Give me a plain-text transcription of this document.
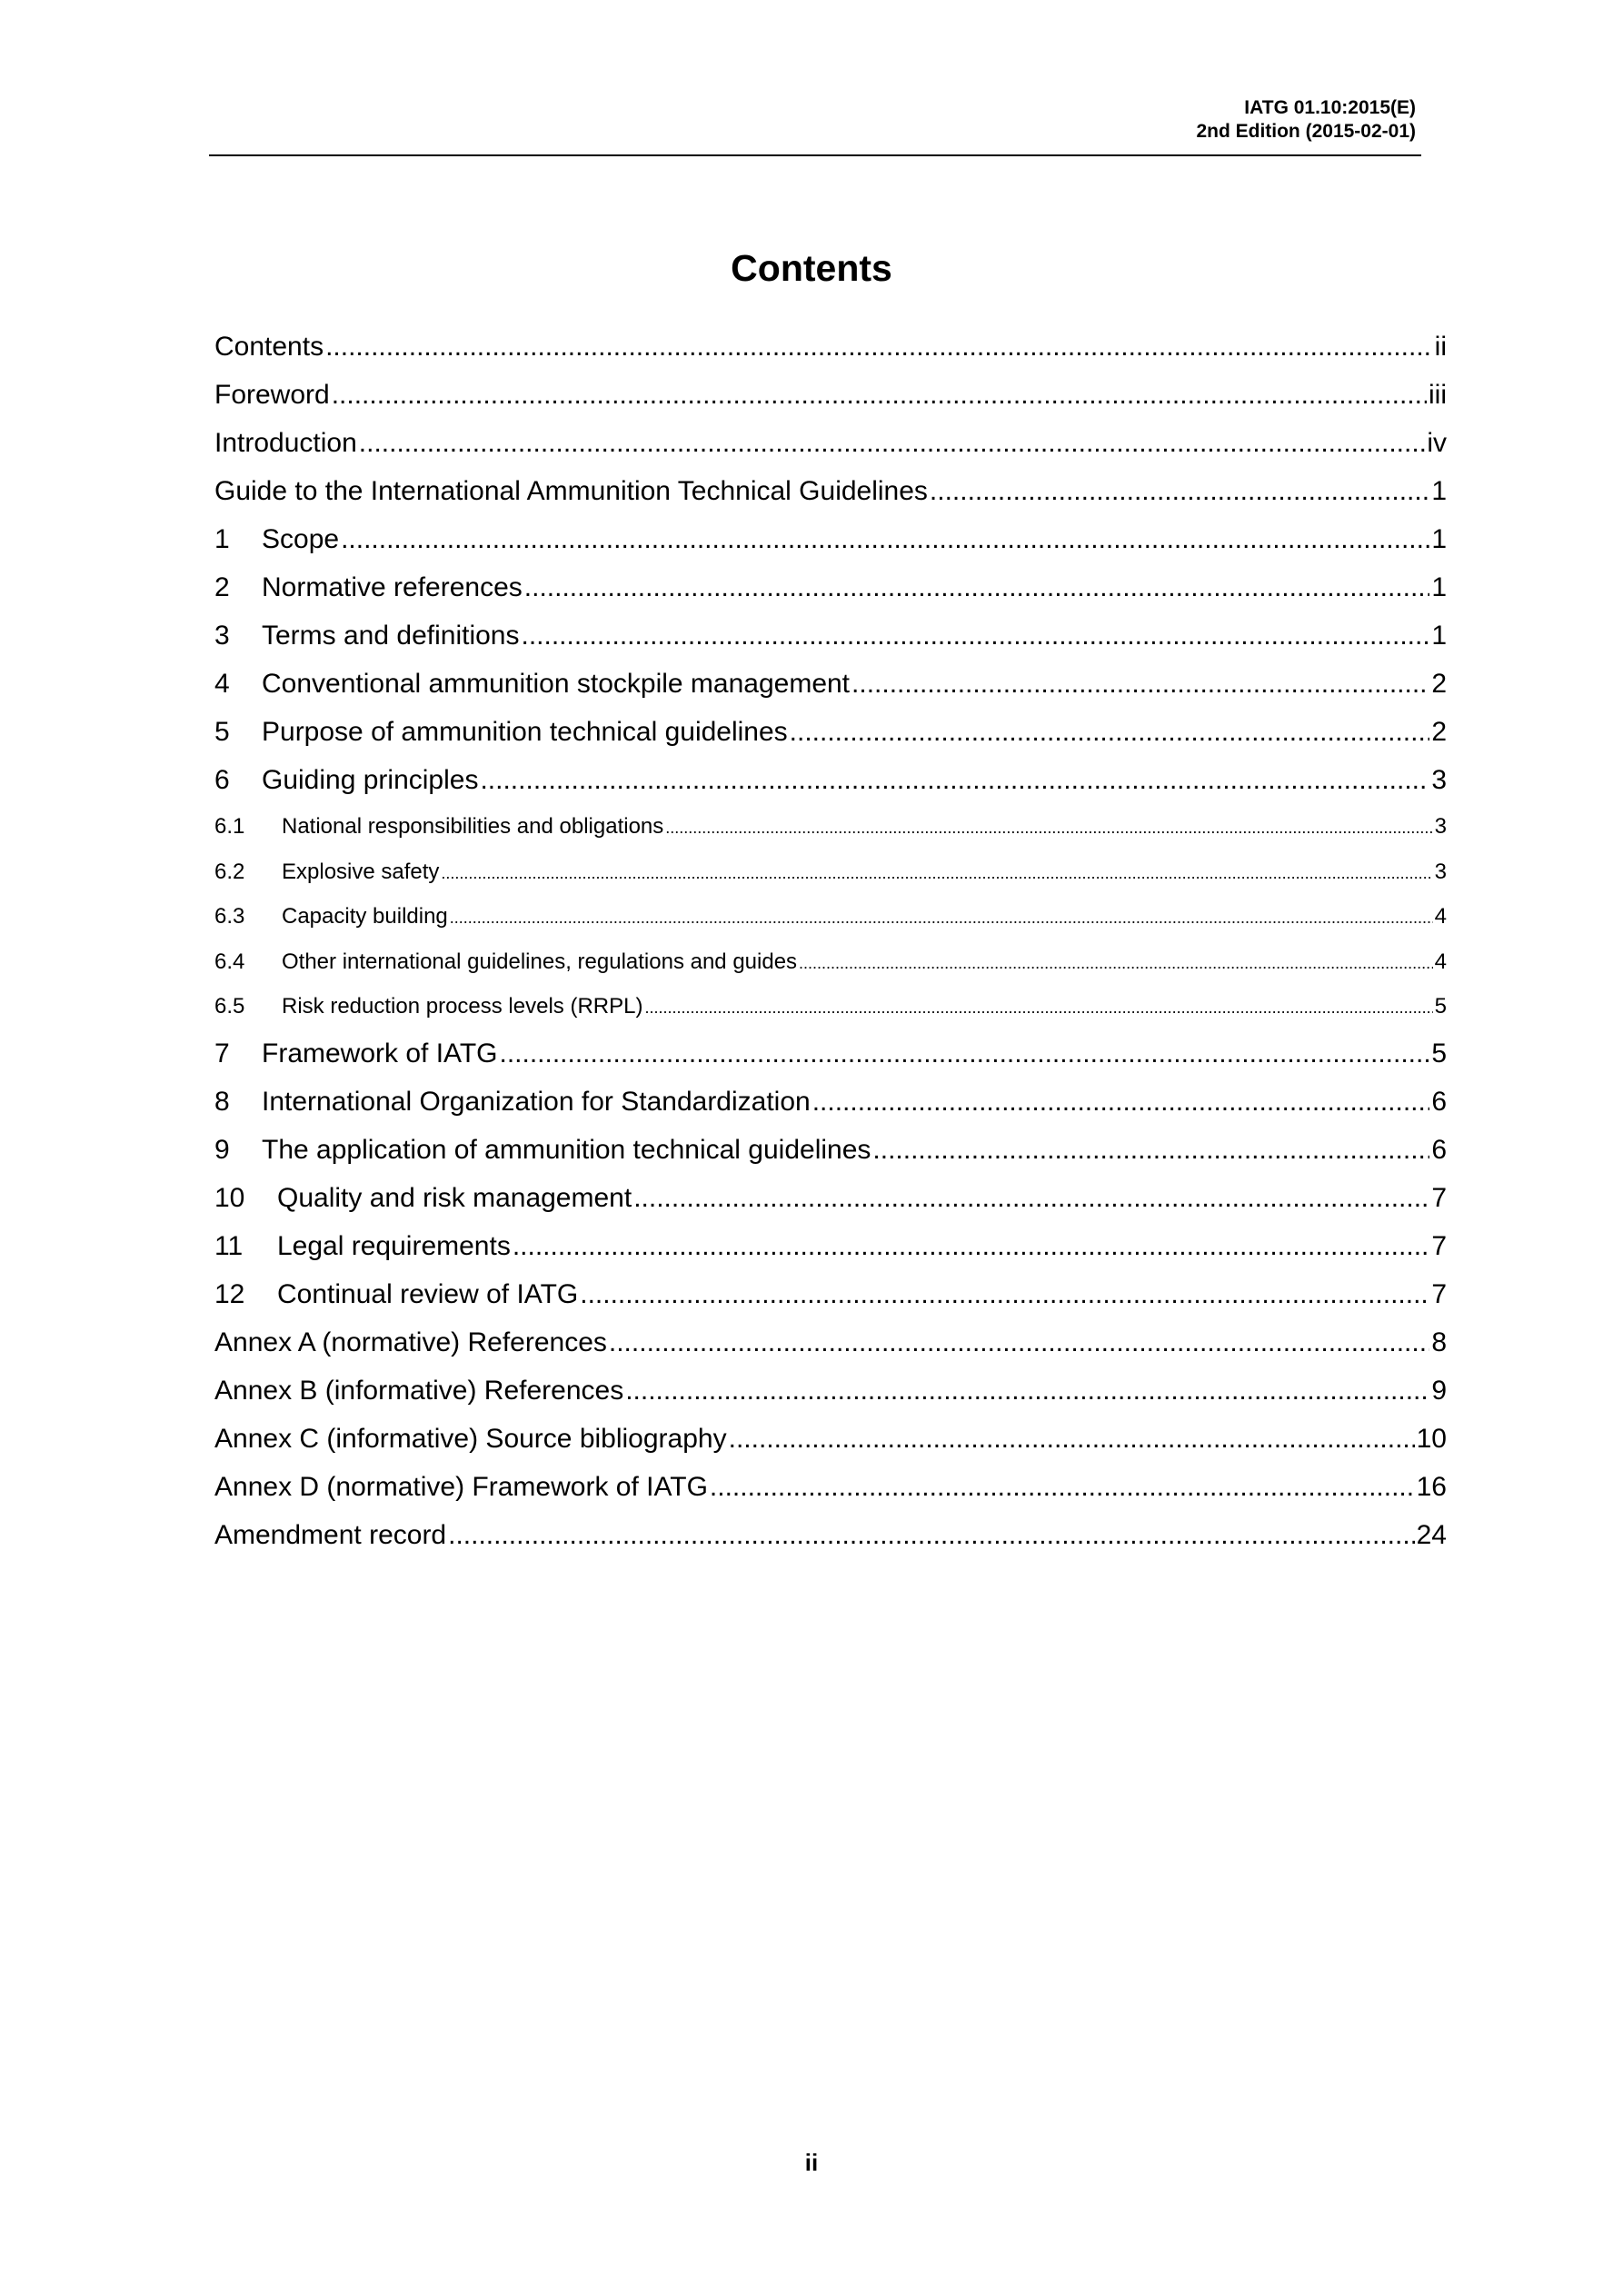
IATG 01.10:2015(E)
2nd Edition (2015-02-01)
Contents
Contents .....	ii
Foreword .....	iii
Introduction .....	iv
Guide to the International Ammunition Technical Guidelines .....	1
1	Scope .....	1
2	Normative references .....	1
3	Terms and definitions .....	1
4	Conventional ammunition stockpile management .....	2
5	Purpose of ammunition technical guidelines .....	2
6	Guiding principles .....	3
6.1	National responsibilities and obligations .....	3
6.2	Explosive safety .....	3
6.3	Capacity building .....	4
6.4	Other international guidelines, regulations and guides .....	4
6.5	Risk reduction process levels (RRPL) .....	5
7	Framework of IATG .....	5
8	International Organization for Standardization .....	6
9	The application of ammunition technical guidelines .....	6
10	Quality and risk management .....	7
11	Legal requirements .....	7
12	Continual review of IATG .....	7
Annex A (normative) References .....	8
Annex B (informative) References .....	9
Annex C (informative) Source bibliography .....	10
Annex D (normative) Framework of IATG .....	16
Amendment record .....	24
ii
